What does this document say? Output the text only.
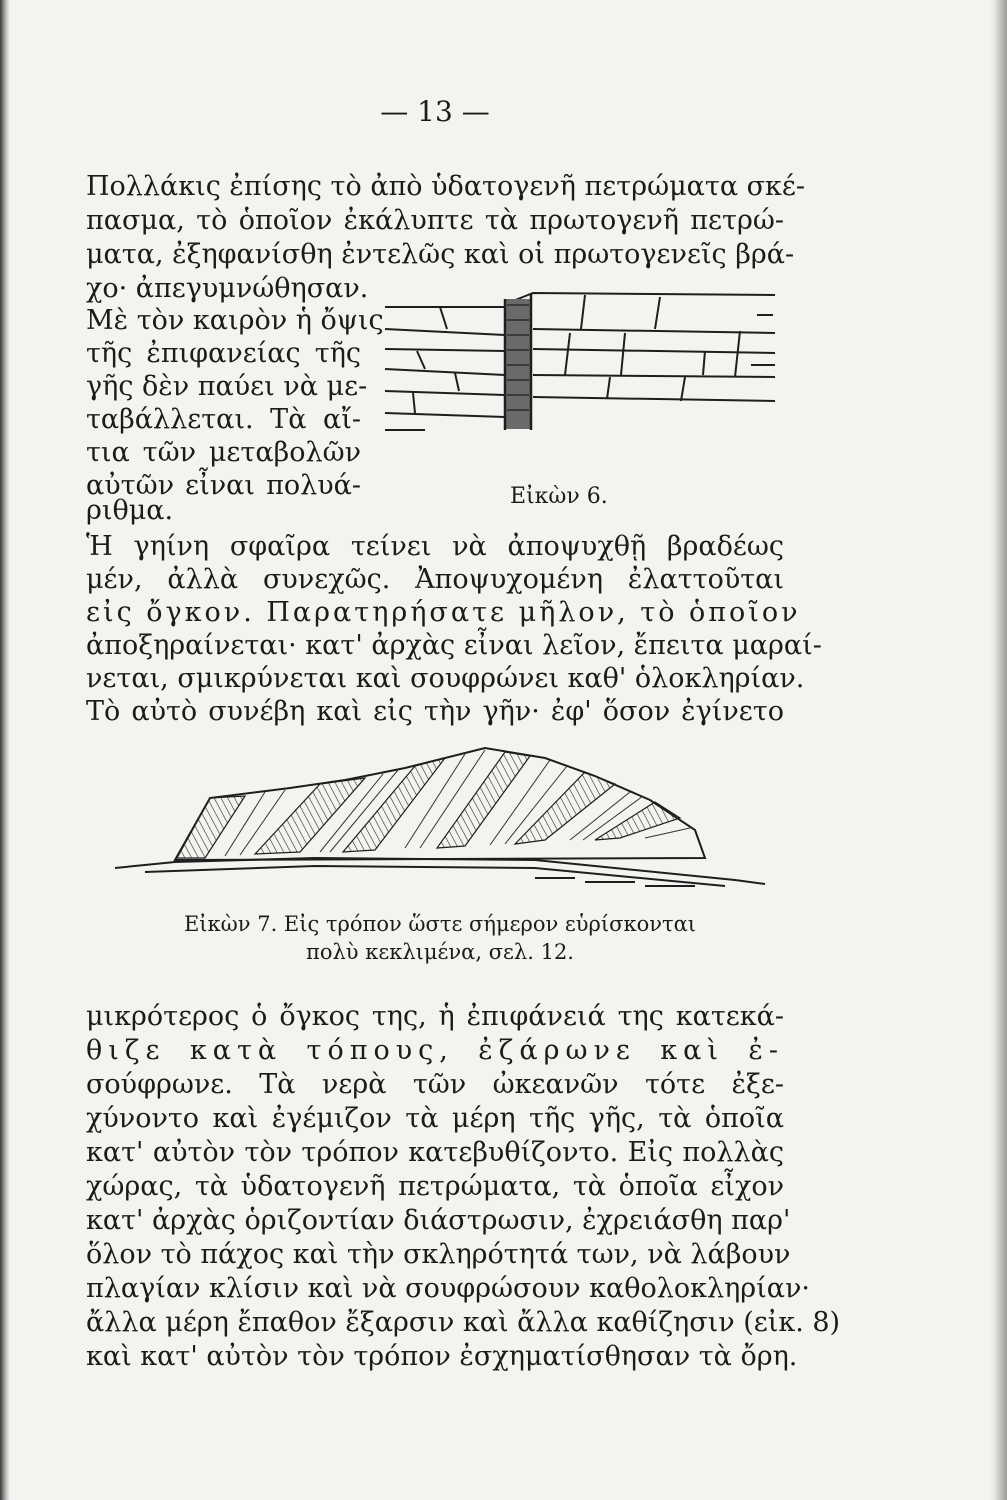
— 13 —
Πολλάκις ἐπίσης τὸ ἀπὸ ὑδατογενῆ πετρώματα σκέ-
πασμα, τὸ ὁποῖον ἐκάλυπτε τὰ πρωτογενῆ πετρώ-
ματα, ἐξηφανίσθη ἐντελῶς καὶ οἱ πρωτογενεῖς βρά-
χο· ἀπεγυμνώθησαν.
Μὲ τὸν καιρὸν ἡ ὄψις
τῆς ἐπιφανείας τῆς
γῆς δὲν παύει νὰ με-
ταβάλλεται. Τὰ αἴ-
τια τῶν μεταβολῶν
αὐτῶν εἶναι πολυά-
ριθμα.	Εἰκὼν 6.
Ἡ γηίνη σφαῖρα τείνει νὰ ἀποψυχθῇ βραδέως
μέν, ἀλλὰ συνεχῶς. Ἀποψυχομένη ἐλαττοῦται
εἰς ὄγκον. Παρατηρήσατε μῆλον, τὸ ὁποῖον
ἀποξηραίνεται· κατ' ἀρχὰς εἶναι λεῖον, ἔπειτα μαραί-
νεται, σμικρύνεται καὶ σουφρώνει καθ' ὁλοκληρίαν.
Τὸ αὐτὸ συνέβη καὶ εἰς τὴν γῆν· ἐφ' ὅσον ἐγίνετο
Εἰκὼν 7. Εἰς τρόπον ὥστε σήμερον εὑρίσκονται
πολὺ κεκλιμένα, σελ. 12.
μικρότερος ὁ ὄγκος της, ἡ ἐπιφάνειά της κατεκά-
θιζε κατὰ τόπους, ἐζάρωνε καὶ ἐ-
σούφρωνε. Τὰ νερὰ τῶν ὠκεανῶν τότε ἐξε-
χύνοντο καὶ ἐγέμιζον τὰ μέρη τῆς γῆς, τὰ ὁποῖα
κατ' αὐτὸν τὸν τρόπον κατεβυθίζοντο. Εἰς πολλὰς
χώρας, τὰ ὑδατογενῆ πετρώματα, τὰ ὁποῖα εἶχον
κατ' ἀρχὰς ὁριζοντίαν διάστρωσιν, ἐχρειάσθη παρ'
ὅλον τὸ πάχος καὶ τὴν σκληρότητά των, νὰ λάβουν
πλαγίαν κλίσιν καὶ νὰ σουφρώσουν καθολοκληρίαν·
ἄλλα μέρη ἔπαθον ἔξαρσιν καὶ ἄλλα καθίζησιν (εἰκ. 8)
καὶ κατ' αὐτὸν τὸν τρόπον ἐσχηματίσθησαν τὰ ὄρη.
